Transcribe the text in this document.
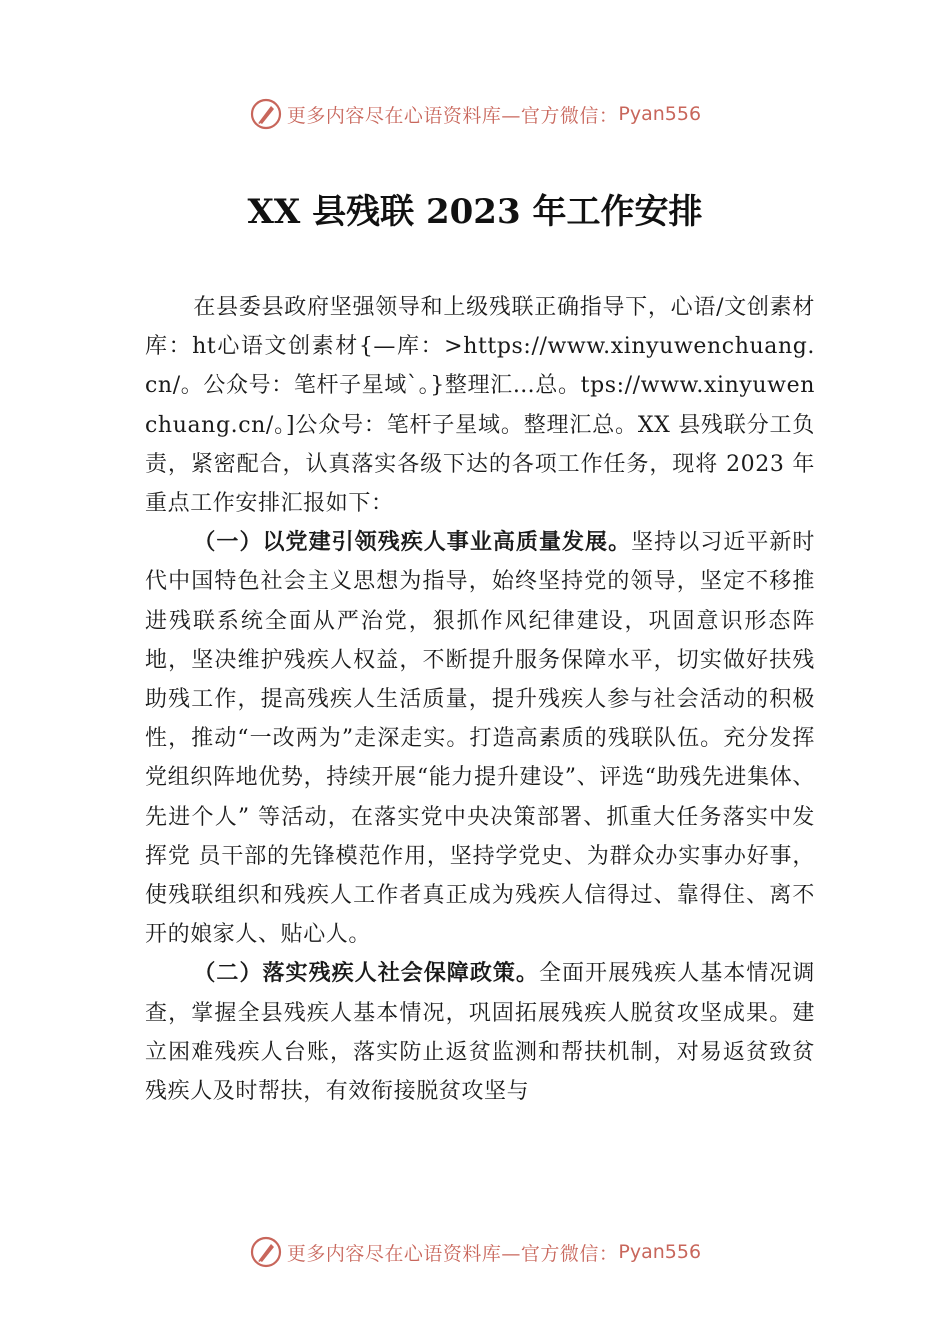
更多内容尽在心语资料库—官方微信： Pyan556
XX 县残联 2023 年工作安排

在县委县政府坚强领导和上级残联正确指导下，心语/文创素材库：ht心语文创素材{—库：>https://www.xinyuwenchuang.cn/。公众号：笔杆子星域`。}整理汇…总。tps://www.xinyuwenchuang.cn/。]公众号：笔杆子星域。整理汇总。XX 县残联分工负责，紧密配合，认真落实各级下达的各项工作任务，现将 2023 年重点工作安排汇报如下：

（一）以党建引领残疾人事业高质量发展。坚持以习近平新时代中国特色社会主义思想为指导，始终坚持党的领导，坚定不移推进残联系统全面从严治党，狠抓作风纪律建设，巩固意识形态阵地，坚决维护残疾人权益，不断提升服务保障水平，切实做好扶残助残工作，提高残疾人生活质量，提升残疾人参与社会活动的积极性，推动“一改两为”走深走实。打造高素质的残联队伍。充分发挥党组织阵地优势，持续开展“能力提升建设”、评选“助残先进集体、先进个人” 等活动，在落实党中央决策部署、抓重大任务落实中发挥党 员干部的先锋模范作用，坚持学党史、为群众办实事办好事， 使残联组织和残疾人工作者真正成为残疾人信得过、靠得住、离不开的娘家人、贴心人。

（二）落实残疾人社会保障政策。全面开展残疾人基本情况调查，掌握全县残疾人基本情况，巩固拓展残疾人脱贫攻坚成果。建立困难残疾人台账，落实防止返贫监测和帮扶机制，对易返贫致贫残疾人及时帮扶，有效衔接脱贫攻坚与

更多内容尽在心语资料库—官方微信： Pyan556
